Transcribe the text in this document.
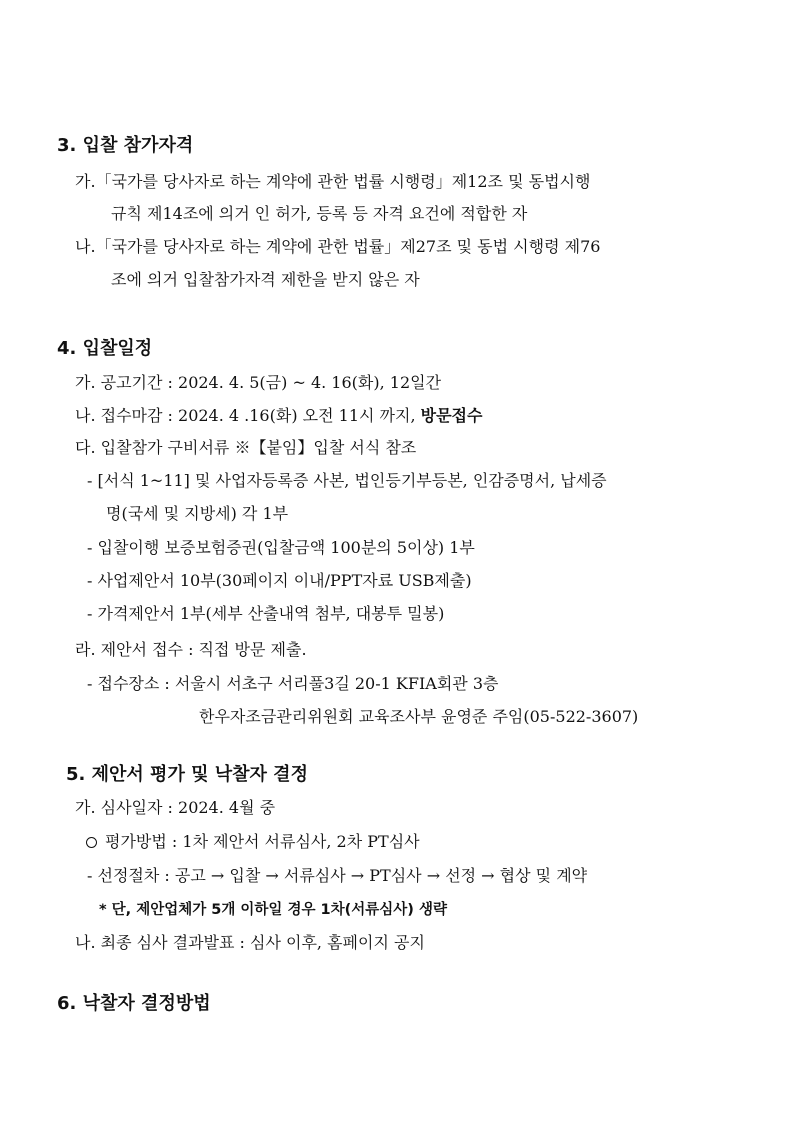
3. 입찰 참가자격
가.「국가를 당사자로 하는 계약에 관한 법률 시행령」제12조 및 동법시행
규칙 제14조에 의거 인 허가, 등록 등 자격 요건에 적합한 자
나.「국가를 당사자로 하는 계약에 관한 법률」제27조 및 동법 시행령 제76
조에 의거 입찰참가자격 제한을 받지 않은 자
4. 입찰일정
가. 공고기간 : 2024. 4. 5(금) ~ 4. 16(화), 12일간
나. 접수마감 : 2024. 4 .16(화) 오전 11시 까지, 방문접수
다. 입찰참가 구비서류 ※【붙임】입찰 서식 참조
- [서식 1~11] 및 사업자등록증 사본, 법인등기부등본, 인감증명서, 납세증
명(국세 및 지방세) 각 1부
- 입찰이행 보증보험증권(입찰금액 100분의 5이상) 1부
- 사업제안서 10부(30페이지 이내/PPT자료 USB제출)
- 가격제안서 1부(세부 산출내역 첨부, 대봉투 밀봉)
라. 제안서 접수 : 직접 방문 제출.
- 접수장소 : 서울시 서초구 서리풀3길 20-1 KFIA회관 3층
한우자조금관리위원회 교육조사부 윤영준 주임(05-522-3607)
5. 제안서 평가 및 낙찰자 결정
가. 심사일자 : 2024. 4월 중
평가방법 : 1차 제안서 서류심사, 2차 PT심사
- 선정절차 : 공고 → 입찰 → 서류심사 → PT심사 → 선정 → 협상 및 계약
* 단, 제안업체가 5개 이하일 경우 1차(서류심사) 생략
나. 최종 심사 결과발표 : 심사 이후, 홈페이지 공지
6. 낙찰자 결정방법
